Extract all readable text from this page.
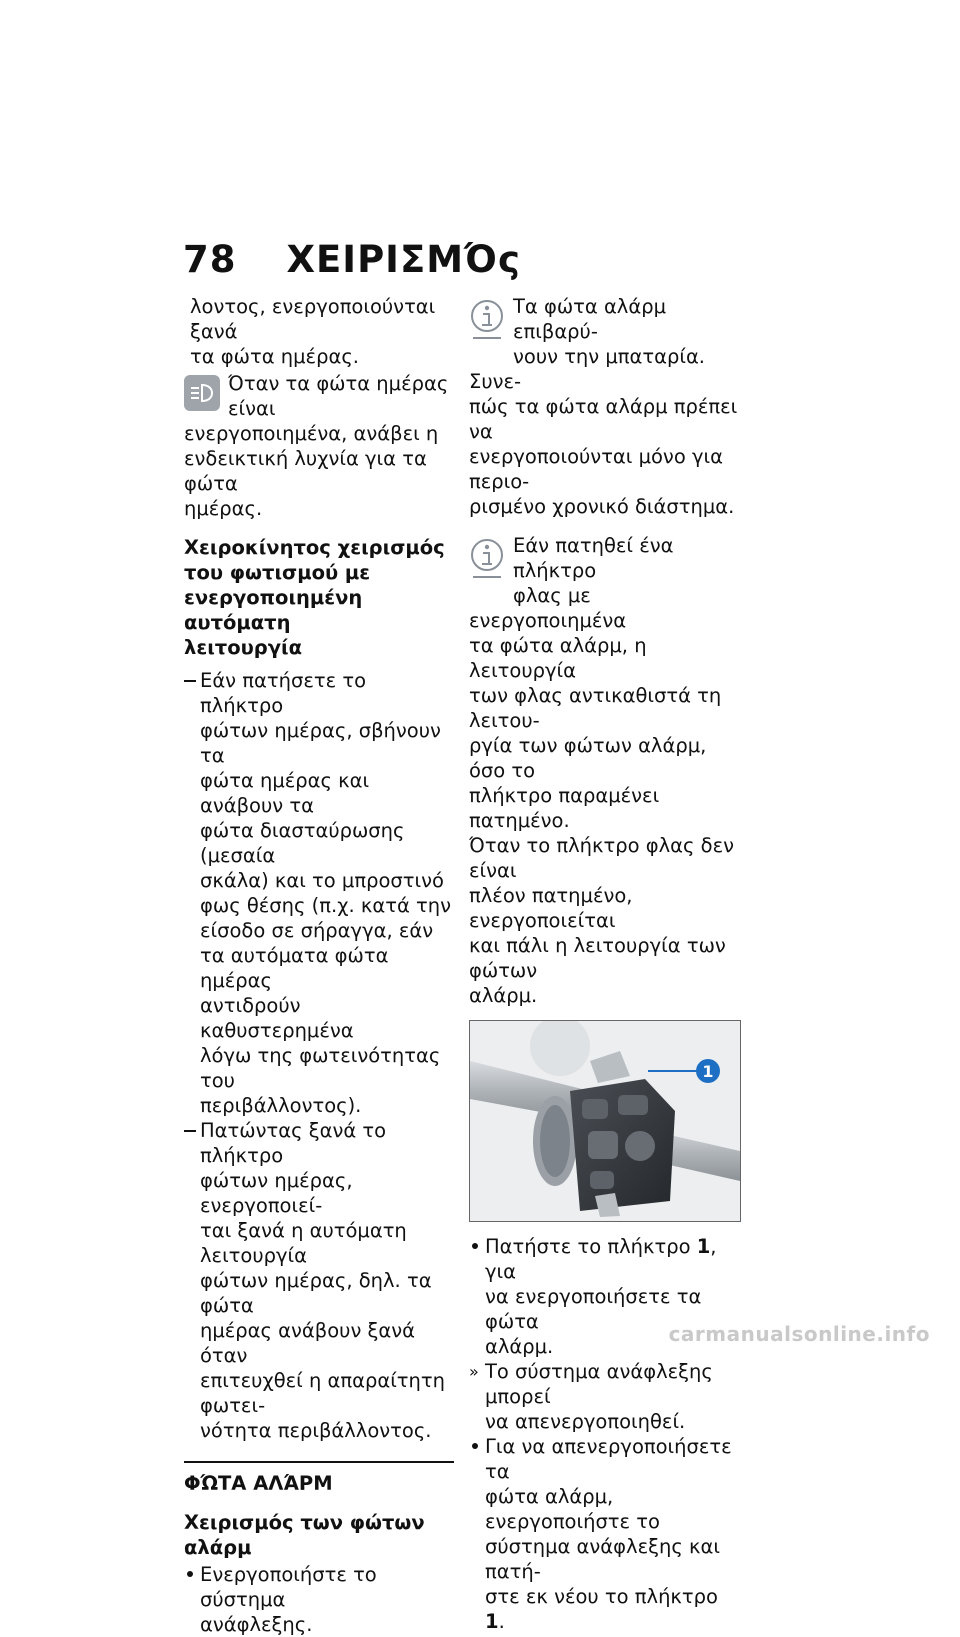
78 ΧΕΙΡΙΣΜΌς

λοντος, ενεργοποιούνται ξανά
τα φώτα ημέρας.

Όταν τα φώτα ημέρας είναι
ενεργοποιημένα, ανάβει η
ενδεικτική λυχνία για τα φώτα
ημέρας.

Χειροκίνητος χειρισμός
του φωτισμού με
ενεργοποιημένη αυτόματη
λειτουργία
Εάν πατήσετε το πλήκτρο
φώτων ημέρας, σβήνουν τα
φώτα ημέρας και ανάβουν τα
φώτα διασταύρωσης (μεσαία
σκάλα) και το μπροστινό
φως θέσης (π.χ. κατά την
είσοδο σε σήραγγα, εάν
τα αυτόματα φώτα ημέρας
αντιδρούν καθυστερημένα
λόγω της φωτεινότητας του
περιβάλλοντος).
Πατώντας ξανά το πλήκτρο
φώτων ημέρας, ενεργοποιεί-
ται ξανά η αυτόματη λειτουργία
φώτων ημέρας, δηλ. τα φώτα
ημέρας ανάβουν ξανά όταν
επιτευχθεί η απαραίτητη φωτει-
νότητα περιβάλλοντος.
ΦΏΤΑ ΑΛΆΡΜ
Χειρισμός των φώτων αλάρμ
Ενεργοποιήστε το σύστημα
ανάφλεξης.

Τα φώτα αλάρμ επιβαρύ-
νουν την μπαταρία. Συνε-
πώς τα φώτα αλάρμ πρέπει να
ενεργοποιούνται μόνο για περιο-
ρισμένο χρονικό διάστημα.

Εάν πατηθεί ένα πλήκτρο
φλας με ενεργοποιημένα
τα φώτα αλάρμ, η λειτουργία
των φλας αντικαθιστά τη λειτου-
ργία των φώτων αλάρμ, όσο το
πλήκτρο παραμένει πατημένο.
Όταν το πλήκτρο φλας δεν είναι
πλέον πατημένο, ενεργοποιείται
και πάλι η λειτουργία των φώτων
αλάρμ.

1
Πατήστε το πλήκτρο 1, για
να ενεργοποιήσετε τα φώτα
αλάρμ.
» Το σύστημα ανάφλεξης μπορεί
να απενεργοποιηθεί.
Για να απενεργοποιήσετε τα
φώτα αλάρμ, ενεργοποιήστε το
σύστημα ανάφλεξης και πατή-
στε εκ νέου το πλήκτρο 1.
carmanualsonline.info
